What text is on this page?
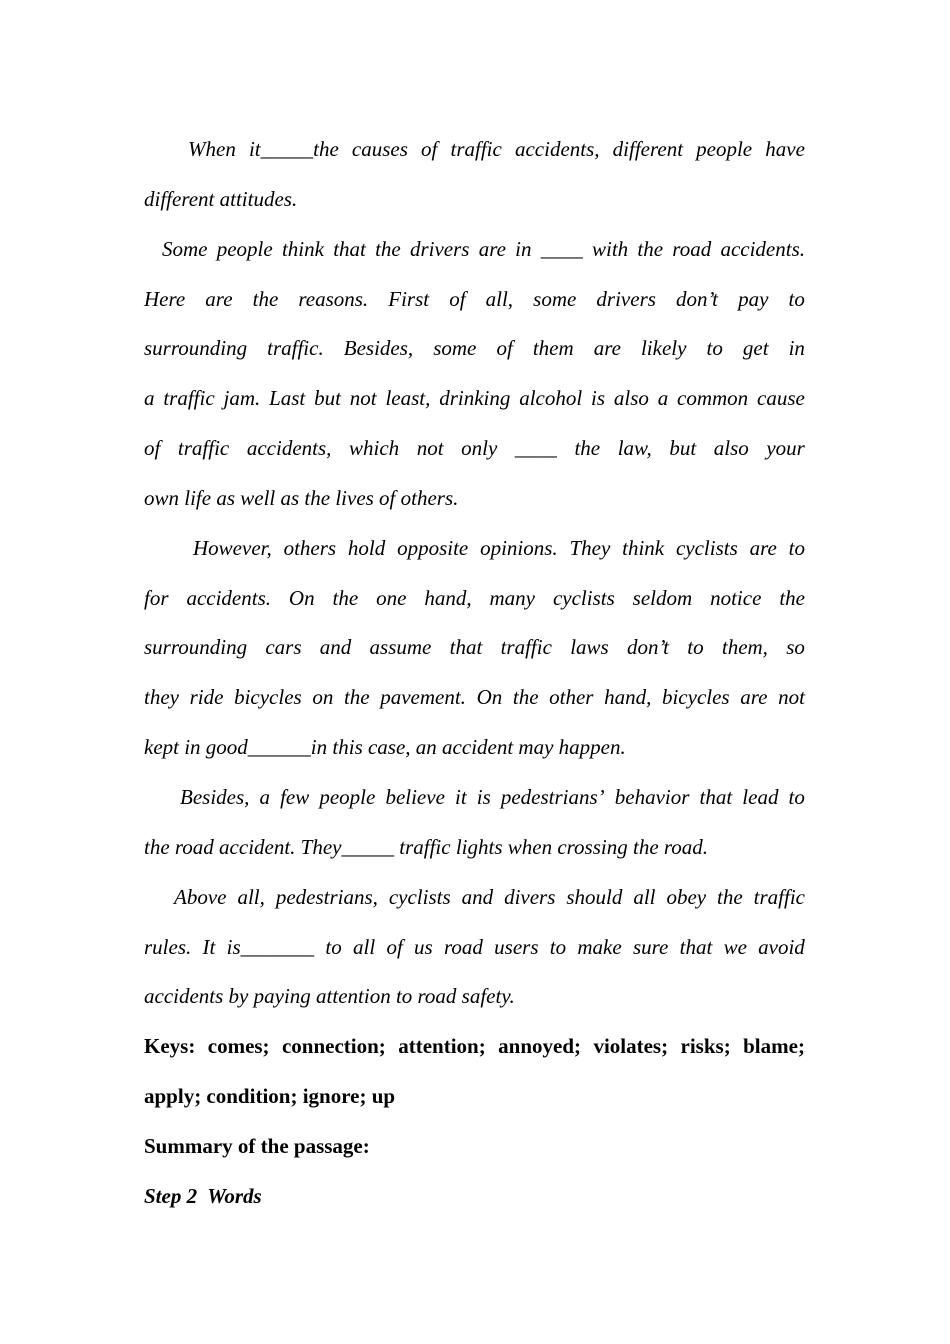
When it_____the causes of traffic accidents, different people have
different attitudes.
Some people think that the drivers are in ____ with the road accidents.
Here are the reasons. First of all, some drivers don’t pay to
surrounding traffic. Besides, some of them are likely to get in
a traffic jam. Last but not least, drinking alcohol is also a common cause
of traffic accidents, which not only ____ the law, but also your
own life as well as the lives of others.
However, others hold opposite opinions. They think cyclists are to
for accidents. On the one hand, many cyclists seldom notice the
surrounding cars and assume that traffic laws don’t to them, so
they ride bicycles on the pavement. On the other hand, bicycles are not
kept in good______in this case, an accident may happen.
Besides, a few people believe it is pedestrians’ behavior that lead to
the road accident. They_____ traffic lights when crossing the road.
Above all, pedestrians, cyclists and divers should all obey the traffic
rules. It is_______ to all of us road users to make sure that we avoid
accidents by paying attention to road safety.
Keys: comes; connection; attention; annoyed; violates; risks; blame;
apply; condition; ignore; up
Summary of the passage:
Step 2  Words
